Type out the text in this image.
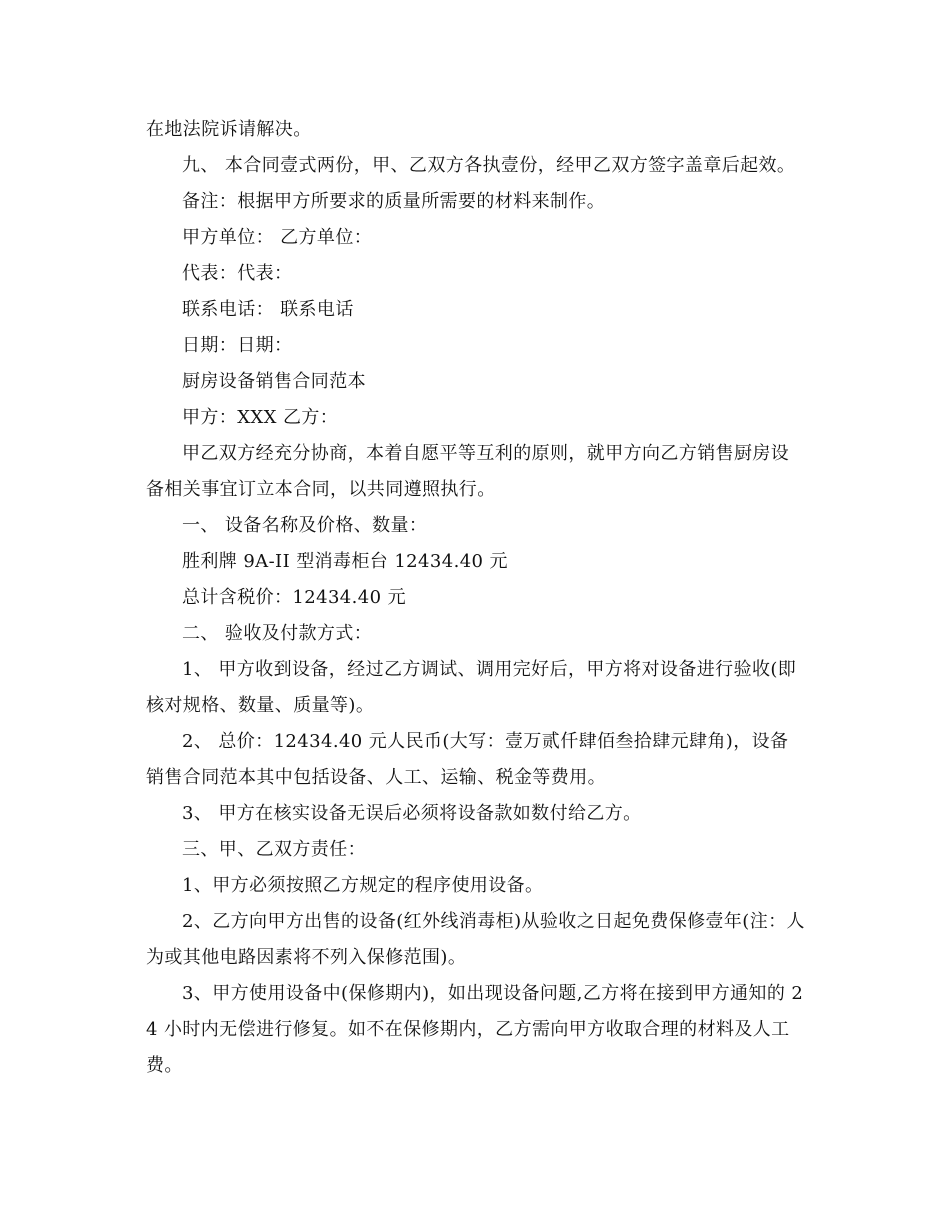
在地法院诉请解决。

九、 本合同壹式两份，甲、乙双方各执壹份，经甲乙双方签字盖章后起效。

备注：根据甲方所要求的质量所需要的材料来制作。

甲方单位： 乙方单位：

代表：代表：

联系电话： 联系电话

日期：日期：

厨房设备销售合同范本

甲方：XXX 乙方：

甲乙双方经充分协商，本着自愿平等互利的原则，就甲方向乙方销售厨房设备相关事宜订立本合同，以共同遵照执行。

一、 设备名称及价格、数量：

胜利牌 9A-II 型消毒柜台 12434.40 元

总计含税价：12434.40 元

二、 验收及付款方式：

1、 甲方收到设备，经过乙方调试、调用完好后，甲方将对设备进行验收(即核对规格、数量、质量等)。

2、 总价：12434.40 元人民币(大写：壹万贰仟肆佰叁拾肆元肆角)，设备销售合同范本其中包括设备、人工、运输、税金等费用。

3、 甲方在核实设备无误后必须将设备款如数付给乙方。

三、甲、乙双方责任：

1、甲方必须按照乙方规定的程序使用设备。

2、乙方向甲方出售的设备(红外线消毒柜)从验收之日起免费保修壹年(注：人为或其他电路因素将不列入保修范围)。

3、甲方使用设备中(保修期内)，如出现设备问题,乙方将在接到甲方通知的 24 小时内无偿进行修复。如不在保修期内，乙方需向甲方收取合理的材料及人工费。
